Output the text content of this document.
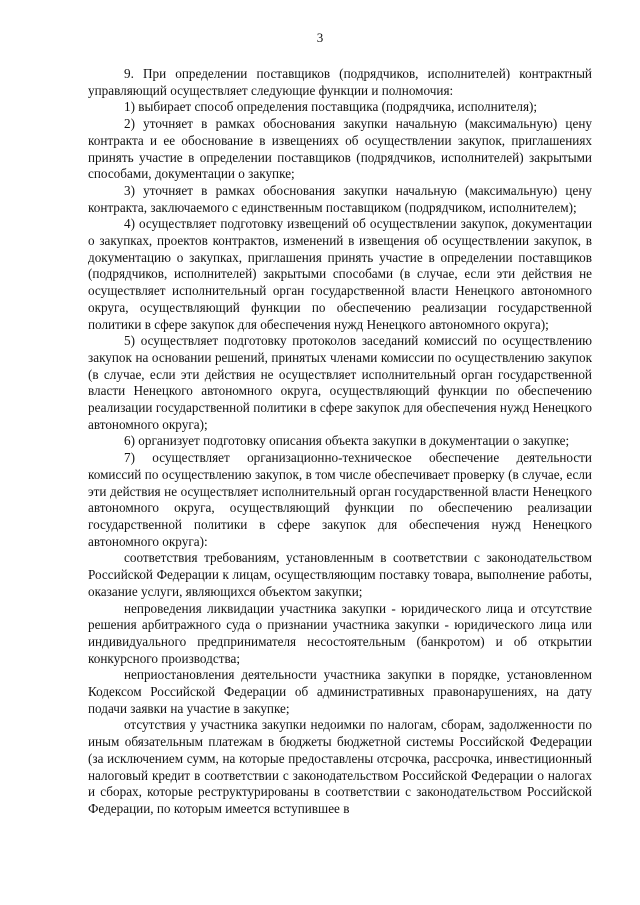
3

9. При определении поставщиков (подрядчиков, исполнителей) контрактный управляющий осуществляет следующие функции и полномочия:

1) выбирает способ определения поставщика (подрядчика, исполнителя);

2) уточняет в рамках обоснования закупки начальную (максимальную) цену контракта и ее обоснование в извещениях об осуществлении закупок, приглашениях принять участие в определении поставщиков (подрядчиков, исполнителей) закрытыми способами, документации о закупке;

3) уточняет в рамках обоснования закупки начальную (максимальную) цену контракта, заключаемого с единственным поставщиком (подрядчиком, исполнителем);

4) осуществляет подготовку извещений об осуществлении закупок, документации о закупках, проектов контрактов, изменений в извещения об осуществлении закупок, в документацию о закупках, приглашения принять участие в определении поставщиков (подрядчиков, исполнителей) закрытыми способами (в случае, если эти действия не осуществляет исполнительный орган государственной власти Ненецкого автономного округа, осуществляющий функции по обеспечению реализации государственной политики в сфере закупок для обеспечения нужд Ненецкого автономного округа);

5) осуществляет подготовку протоколов заседаний комиссий по осуществлению закупок на основании решений, принятых членами комиссии по осуществлению закупок (в случае, если эти действия не осуществляет исполнительный орган государственной власти Ненецкого автономного округа, осуществляющий функции по обеспечению реализации государственной политики в сфере закупок для обеспечения нужд Ненецкого автономного округа);

6) организует подготовку описания объекта закупки в документации о закупке;

7) осуществляет организационно-техническое обеспечение деятельности комиссий по осуществлению закупок, в том числе обеспечивает проверку (в случае, если эти действия не осуществляет исполнительный орган государственной власти Ненецкого автономного округа, осуществляющий функции по обеспечению реализации государственной политики в сфере закупок для обеспечения нужд Ненецкого автономного округа):

соответствия требованиям, установленным в соответствии с законодательством Российской Федерации к лицам, осуществляющим поставку товара, выполнение работы, оказание услуги, являющихся объектом закупки;

непроведения ликвидации участника закупки - юридического лица и отсутствие решения арбитражного суда о признании участника закупки - юридического лица или индивидуального предпринимателя несостоятельным (банкротом) и об открытии конкурсного производства;

неприостановления деятельности участника закупки в порядке, установленном Кодексом Российской Федерации об административных правонарушениях, на дату подачи заявки на участие в закупке;

отсутствия у участника закупки недоимки по налогам, сборам, задолженности по иным обязательным платежам в бюджеты бюджетной системы Российской Федерации (за исключением сумм, на которые предоставлены отсрочка, рассрочка, инвестиционный налоговый кредит в соответствии с законодательством Российской Федерации о налогах и сборах, которые реструктурированы в соответствии с законодательством Российской Федерации, по которым имеется вступившее в
